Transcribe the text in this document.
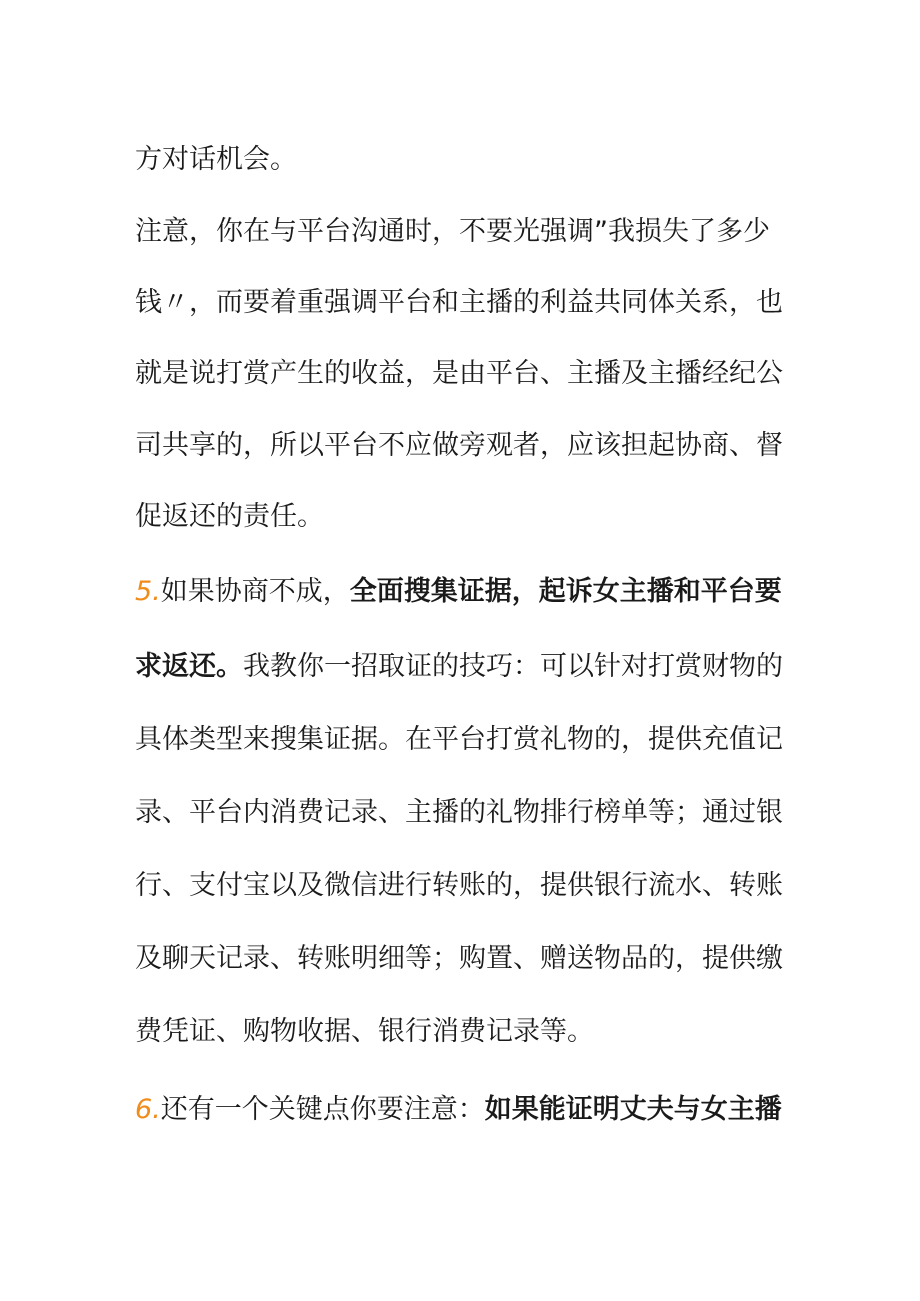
方对话机会。
注意，你在与平台沟通时，不要光强调”我损失了多少
钱〃，而要着重强调平台和主播的利益共同体关系，也
就是说打赏产生的收益，是由平台、主播及主播经纪公
司共享的，所以平台不应做旁观者，应该担起协商、督
促返还的责任。
5.如果协商不成，全面搜集证据，起诉女主播和平台要
求返还。我教你一招取证的技巧：可以针对打赏财物的
具体类型来搜集证据。在平台打赏礼物的，提供充值记
录、平台内消费记录、主播的礼物排行榜单等；通过银
行、支付宝以及微信进行转账的，提供银行流水、转账
及聊天记录、转账明细等；购置、赠送物品的，提供缴
费凭证、购物收据、银行消费记录等。
6.还有一个关键点你要注意：如果能证明丈夫与女主播
